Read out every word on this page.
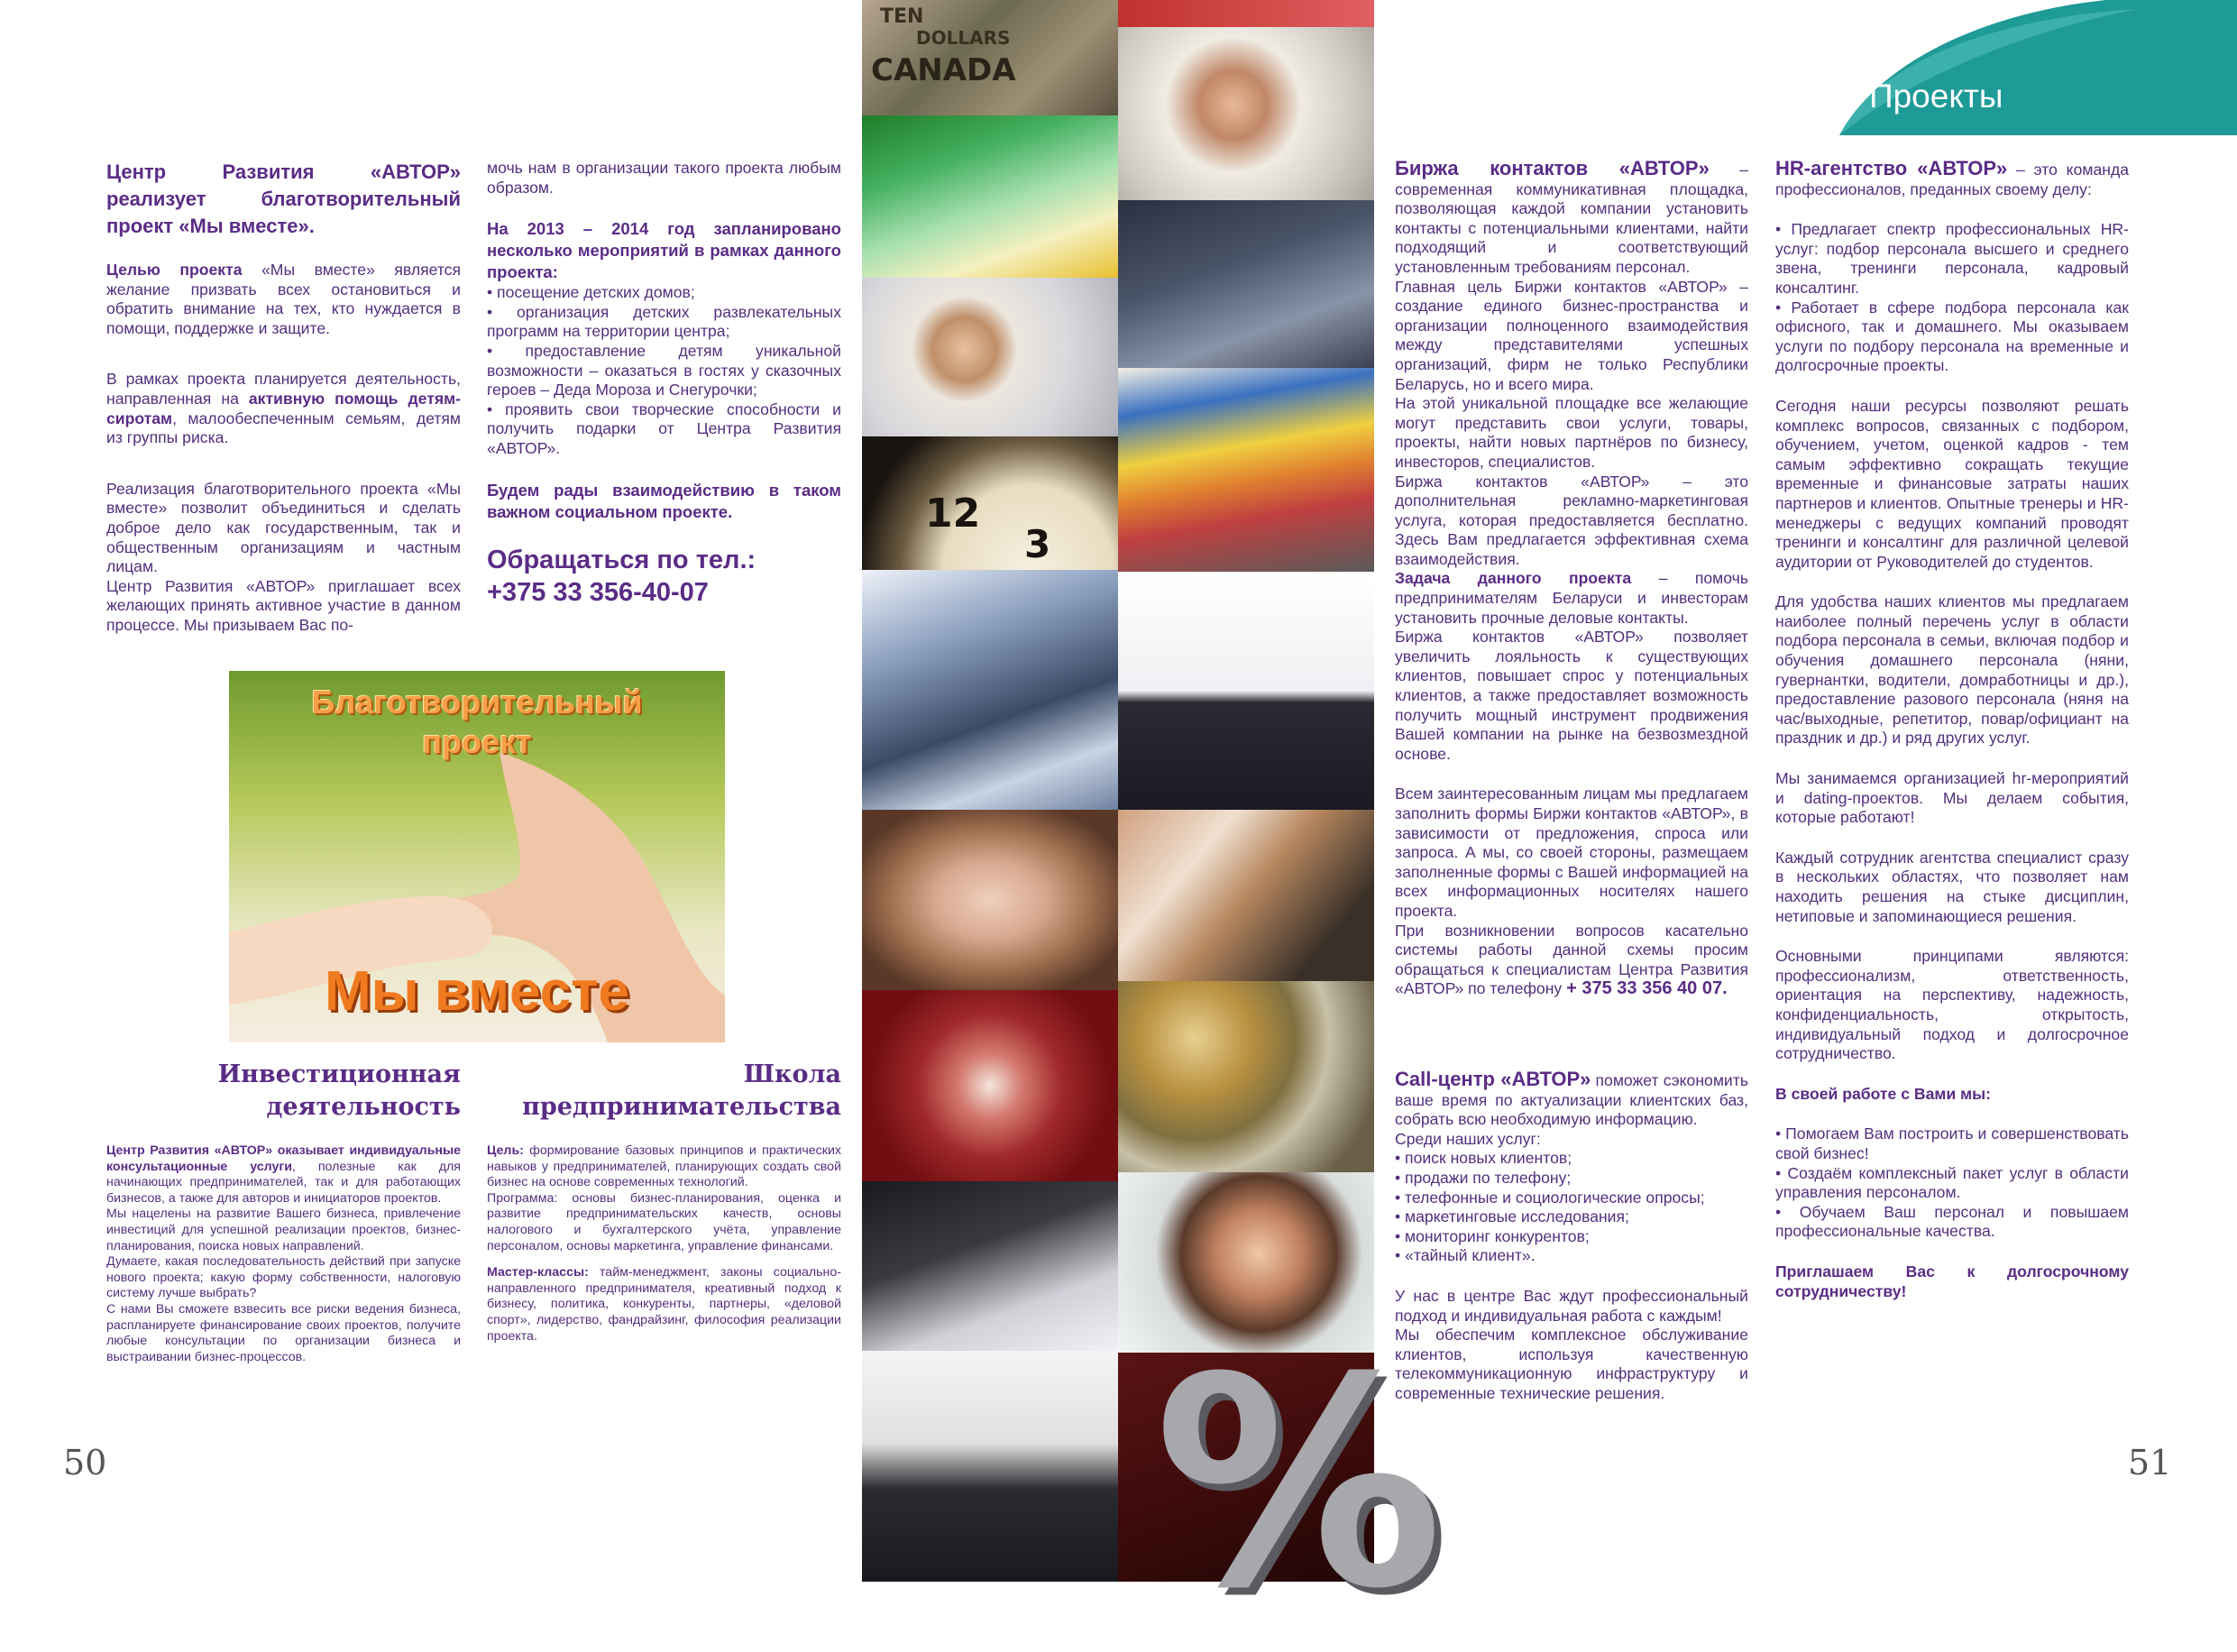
Проекты

Центр Развития «АВТОР» реализует благотворительный проект «Мы вместе».

Целью проекта «Мы вместе» является желание призвать всех остановиться и обратить внимание на тех, кто нуждается в помощи, поддержке и защите.

В рамках проекта планируется деятельность, направленная на активную помощь детям-сиротам, малообеспеченным семьям, детям из группы риска.

Реализация благотворительного проекта «Мы вместе» позволит объединиться и сделать доброе дело как государственным, так и общественным организациям и частным лицам.

Центр Развития «АВТОР» приглашает всех желающих принять активное участие в данном процессе. Мы призываем Вас по-

мочь нам в организации такого проекта любым образом.

На 2013 – 2014 год запланировано несколько мероприятий в рамках данного проекта:

• посещение детских домов;

• организация детских развлекательных программ на территории центра;

• предоставление детям уникальной возможности – оказаться в гостях у сказочных героев – Деда Мороза и Снегурочки;

• проявить свои творческие способности и получить подарки от Центра Развития «АВТОР».

Будем рады взаимодействию в таком важном социальном проекте.

Обращаться по тел.:

+375 33 356-40-07

Благотворительный
проект
Мы вместе
Инвестиционная
деятельность

Центр Развития «АВТОР» оказывает индивидуальные консультационные услуги, полезные как для начинающих предпринимателей, так и для работающих бизнесов, а также для авторов и инициаторов проектов.

Мы нацелены на развитие Вашего бизнеса, привлечение инвестиций для успешной реализации проектов, бизнес-планирования, поиска новых направлений.

Думаете, какая последовательность действий при запуске нового проекта; какую форму собственности, налоговую систему лучше выбрать?

С нами Вы сможете взвесить все риски ведения бизнеса, распланируете финансирование своих проектов, получите любые консультации по организации бизнеса и выстраивании бизнес-процессов.

Школа
предпринимательства

Цель: формирование базовых принципов и практических навыков у предпринимателей, планирующих создать свой бизнес на основе современных технологий.

Программа: основы бизнес-планирования, оценка и развитие предпринимательских качеств, основы налогового и бухгалтерского учёта, управление персоналом, основы маркетинга, управление финансами.

Мастер-классы: тайм-менеджмент, законы социально-направленного предпринимателя, креативный подход к бизнесу, политика, конкуренты, партнеры, «деловой спорт», лидерство, фандрайзинг, философия реализации проекта.

50	51
TEN
DOLLARS
CANADA
12
3
%

Биржа контактов «АВТОР» – современная коммуникативная площадка, позволяющая каждой компании установить контакты с потенциальными клиентами, найти подходящий и соответствующий установленным требованиям персонал.

Главная цель Биржи контактов «АВТОР» – создание единого бизнес-пространства и организации полноценного взаимодействия между представителями успешных организаций, фирм не только Республики Беларусь, но и всего мира.

На этой уникальной площадке все желающие могут представить свои услуги, товары, проекты, найти новых партнёров по бизнесу, инвесторов, специалистов.

Биржа контактов «АВТОР» – это дополнительная рекламно-маркетинговая услуга, которая предоставляется бесплатно. Здесь Вам предлагается эффективная схема взаимодействия.

Задача данного проекта – помочь предпринимателям Беларуси и инвесторам установить прочные деловые контакты.

Биржа контактов «АВТОР» позволяет увеличить лояльность к существующих клиентов, повышает спрос у потенциальных клиентов, а также предоставляет возможность получить мощный инструмент продвижения Вашей компании на рынке на безвозмездной основе.

Всем заинтересованным лицам мы предлагаем заполнить формы Биржи контактов «АВТОР», в зависимости от предложения, спроса или запроса. А мы, со своей стороны, размещаем заполненные формы с Вашей информацией на всех информационных носителях нашего проекта.

При возникновении вопросов касательно системы работы данной схемы просим обращаться к специалистам Центра Развития «АВТОР» по телефону + 375 33 356 40 07.

Call-центр «АВТОР» поможет сэкономить ваше время по актуализации клиентских баз, собрать всю необходимую информацию.

Среди наших услуг:

• поиск новых клиентов;

• продажи по телефону;

• телефонные и социологические опросы;

• маркетинговые исследования;

• мониторинг конкурентов;

• «тайный клиент».

У нас в центре Вас ждут профессиональный подход и индивидуальная работа с каждым!

Мы обеспечим комплексное обслуживание клиентов, используя качественную телекоммуникационную инфраструктуру и современные технические решения.

HR-агентство «АВТОР» – это команда профессионалов, преданных своему делу:

• Предлагает спектр профессиональных HR-услуг: подбор персонала высшего и среднего звена, тренинги персонала, кадровый консалтинг.

• Работает в сфере подбора персонала как офисного, так и домашнего. Мы оказываем услуги по подбору персонала на временные и долгосрочные проекты.

Сегодня наши ресурсы позволяют решать комплекс вопросов, связанных с подбором, обучением, учетом, оценкой кадров - тем самым эффективно сокращать текущие временные и финансовые затраты наших партнеров и клиентов. Опытные тренеры и HR-менеджеры с ведущих компаний проводят тренинги и консалтинг для различной целевой аудитории от Руководителей до студентов.

Для удобства наших клиентов мы предлагаем наиболее полный перечень услуг в области подбора персонала в семьи, включая подбор и обучения домашнего персонала (няни, гувернантки, водители, домработницы и др.), предоставление разового персонала (няня на час/выходные, репетитор, повар/официант на праздник и др.) и ряд других услуг.

Мы занимаемся организацией hr-мероприятий и dating-проектов. Мы делаем события, которые работают!

Каждый сотрудник агентства специалист сразу в нескольких областях, что позволяет нам находить решения на стыке дисциплин, нетиповые и запоминающиеся решения.

Основными принципами являются: профессионализм, ответственность, ориентация на перспективу, надежность, конфиденциальность, открытость, индивидуальный подход и долгосрочное сотрудничество.

В своей работе с Вами мы:

• Помогаем Вам построить и совершенствовать свой бизнес!

• Создаём комплексный пакет услуг в области управления персоналом.

• Обучаем Ваш персонал и повышаем профессиональные качества.

Приглашаем Вас к долгосрочному сотрудничеству!
